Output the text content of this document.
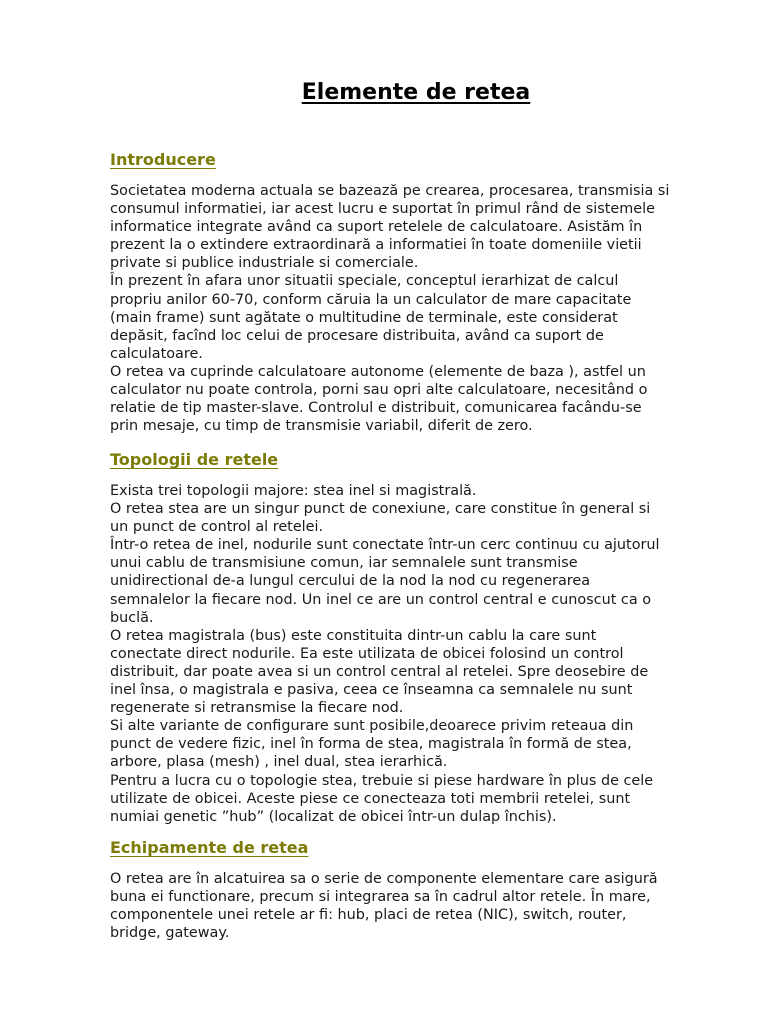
Elemente de retea
Introducere

Societatea moderna actuala se bazează pe crearea, procesarea, transmisia si

consumul informatiei, iar acest lucru e suportat în primul rând de sistemele

informatice integrate având ca suport retelele de calculatoare. Asistăm în

prezent la o extindere extraordinară a informatiei în toate domeniile vietii

private si publice industriale si comerciale.

În prezent în afara unor situatii speciale, conceptul ierarhizat de calcul

propriu anilor 60-70, conform căruia la un calculator de mare capacitate

(main frame) sunt agătate o multitudine de terminale, este considerat

depăsit, facînd loc celui de procesare distribuita, având ca suport de

calculatoare.

O retea va cuprinde calculatoare autonome (elemente de baza ), astfel un

calculator nu poate controla, porni sau opri alte calculatoare, necesitând o

relatie de tip master-slave. Controlul e distribuit, comunicarea facându-se

prin mesaje, cu timp de transmisie variabil, diferit de zero.

Topologii de retele

Exista trei topologii majore: stea inel si magistrală.

O retea stea are un singur punct de conexiune, care constitue în general si

un punct de control al retelei.

Într-o retea de inel, nodurile sunt conectate într-un cerc continuu cu ajutorul

unui cablu de transmisiune comun, iar semnalele sunt transmise

unidirectional de-a lungul cercului de la nod la nod cu regenerarea

semnalelor la fiecare nod. Un inel ce are un control central e cunoscut ca o

buclă.

O retea magistrala (bus) este constituita dintr-un cablu la care sunt

conectate direct nodurile. Ea este utilizata de obicei folosind un control

distribuit, dar poate avea si un control central al retelei. Spre deosebire de

inel însa, o magistrala e pasiva, ceea ce înseamna ca semnalele nu sunt

regenerate si retransmise la fiecare nod.

Si alte variante de configurare sunt posibile,deoarece privim reteaua din

punct de vedere fizic, inel în forma de stea, magistrala în formă de stea,

arbore, plasa (mesh) , inel dual, stea ierarhică.

Pentru a lucra cu o topologie stea, trebuie si piese hardware în plus de cele

utilizate de obicei. Aceste piese ce conecteaza toti membrii retelei, sunt

numiai genetic ”hub” (localizat de obicei într-un dulap închis).

Echipamente de retea

O retea are în alcatuirea sa o serie de componente elementare care asigură

buna ei functionare, precum si integrarea sa în cadrul altor retele. În mare,

componentele unei retele ar fi: hub, placi de retea (NIC), switch, router,

bridge, gateway.
